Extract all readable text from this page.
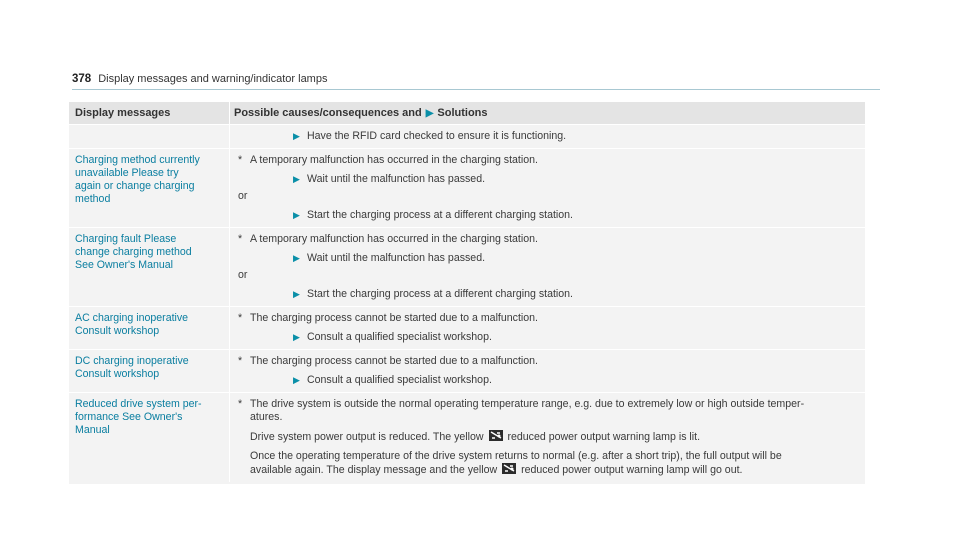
378 Display messages and warning/indicator lamps
Display messages	Possible causes/consequences and ▶ Solutions
▶ Have the RFID card checked to ensure it is functioning.
Charging method currently
unavailable Please try
again or change charging
method
* A temporary malfunction has occurred in the charging station.
▶ Wait until the malfunction has passed.
or
▶ Start the charging process at a different charging station.
Charging fault Please
change charging method
See Owner's Manual
* A temporary malfunction has occurred in the charging station.
▶ Wait until the malfunction has passed.
or
▶ Start the charging process at a different charging station.
AC charging inoperative
Consult workshop
* The charging process cannot be started due to a malfunction.
▶ Consult a qualified specialist workshop.
DC charging inoperative
Consult workshop
* The charging process cannot be started due to a malfunction.
▶ Consult a qualified specialist workshop.
Reduced drive system per-
formance See Owner's
Manual
* The drive system is outside the normal operating temperature range, e.g. due to extremely low or high outside temper-
atures.
Drive system power output is reduced. The yellow reduced power output warning lamp is lit.
Once the operating temperature of the drive system returns to normal (e.g. after a short trip), the full output will be
available again. The display message and the yellow reduced power output warning lamp will go out.
